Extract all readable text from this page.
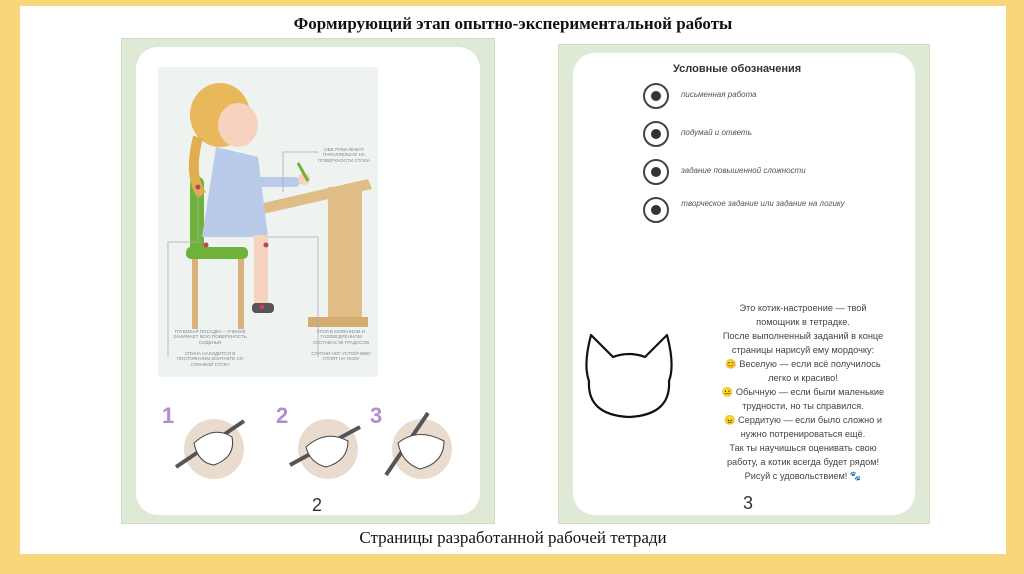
Формирующий этап опытно-экспериментальной работы
ОБЕ РУКИ ЛЕЖАТ ПАРАЛЛЕЛЬНО НА ПОВЕРХНОСТИ СТОЛА
ГЛУБОКАЯ ПОСАДКА – УЧЕНИК ЗАНИМАЕТ ВСЮ ПОВЕРХНОСТЬ СИДЕНЬЯ
СПИНА НАХОДИТСЯ В ПОСТОЯННОМ КОНТАКТЕ СО СПИНКОЙ СТУЛА
УГОЛ В КОЛЕННОМ И ТАЗОБЕДРЕННОМ СУСТАВАХ 90 ГРАДУСОВ
СТУПНИ НОГ УСТОЙЧИВО СТОЯТ НА ПОЛУ
1	2	3
2
Условные обозначения
письменная работа
подумай и ответь
задание повышенной сложности
творческое задание или задание на логику
Это котик-настроение — твой
помощник в тетрадке.
После выполненный заданий в конце
страницы нарисуй ему мордочку:
😊 Веселую — если всё получилось
легко и красиво!
😐 Обычную — если были маленькие
трудности, но ты справился.
😠 Сердитую — если было сложно и
нужно потренироваться ещё.
Так ты научишься оценивать свою
работу, а котик всегда будет рядом!
Рисуй с удовольствием! 🐾
3
Страницы разработанной рабочей тетради
